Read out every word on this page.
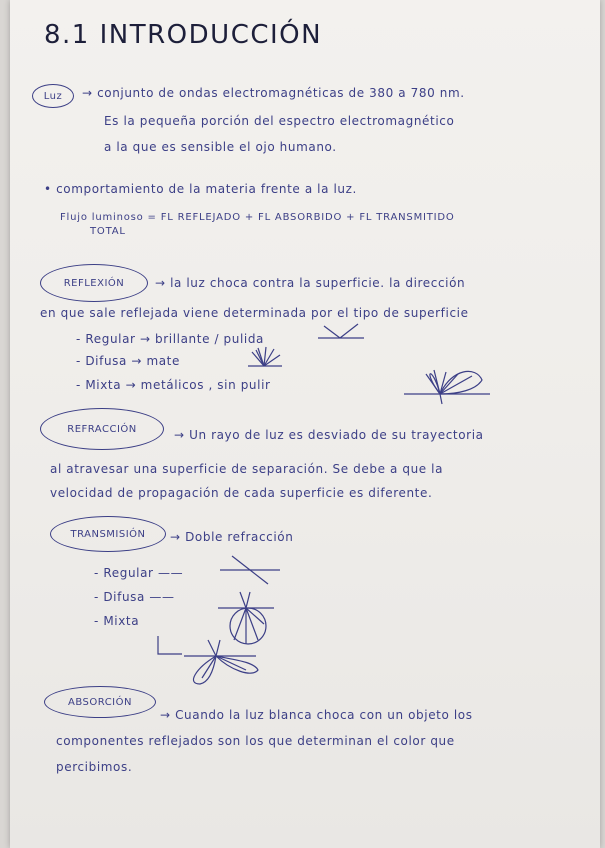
8.1 INTRODUCCIÓN
Luz → conjunto de ondas electromagnéticas de 380 a 780 nm.
Es la pequeña porción del espectro electromagnético
a la que es sensible el ojo humano.
• comportamiento de la materia frente a la luz.
Flujo luminoso = FL REFLEJADO + FL ABSORBIDO + FL TRANSMITIDO
TOTAL
REFLEXIÓN	→ la luz choca contra la superficie. la dirección
en que sale reflejada viene determinada por el tipo de superficie
- Regular → brillante / pulida
- Difusa → mate
- Mixta → metálicos , sin pulir
REFRACCIÓN	→ Un rayo de luz es desviado de su trayectoria
al atravesar una superficie de separación. Se debe a que la
velocidad de propagación de cada superficie es diferente.
TRANSMISIÓN → Doble refracción
- Regular ——
- Difusa ——
- Mixta
ABSORCIÓN
→ Cuando la luz blanca choca con un objeto los
componentes reflejados son los que determinan el color que
percibimos.
